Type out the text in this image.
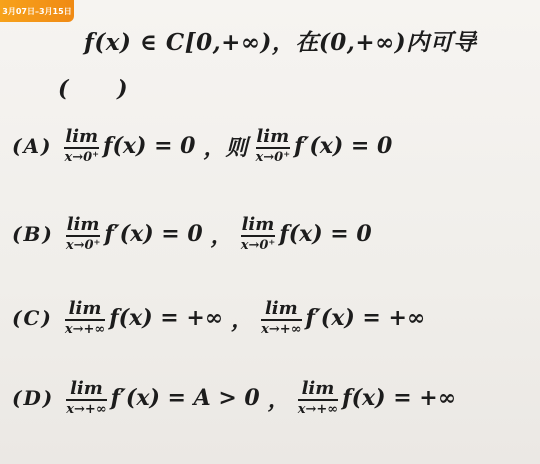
3月07日–3月15日
f(x) ∈ C[0,+∞)，在(0,+∞)内可导
( )
(A) lim
x→0⁺ f(x) = 0 ，则 lim
x→0⁺ f′(x) = 0
(B) lim
x→0⁺ f′(x) = 0 ， lim
x→0⁺ f(x) = 0
(C) lim
x→+∞ f(x) = +∞ ， lim
x→+∞ f′(x) = +∞
(D) lim
x→+∞ f′(x) = A > 0 ， lim
x→+∞ f(x) = +∞
